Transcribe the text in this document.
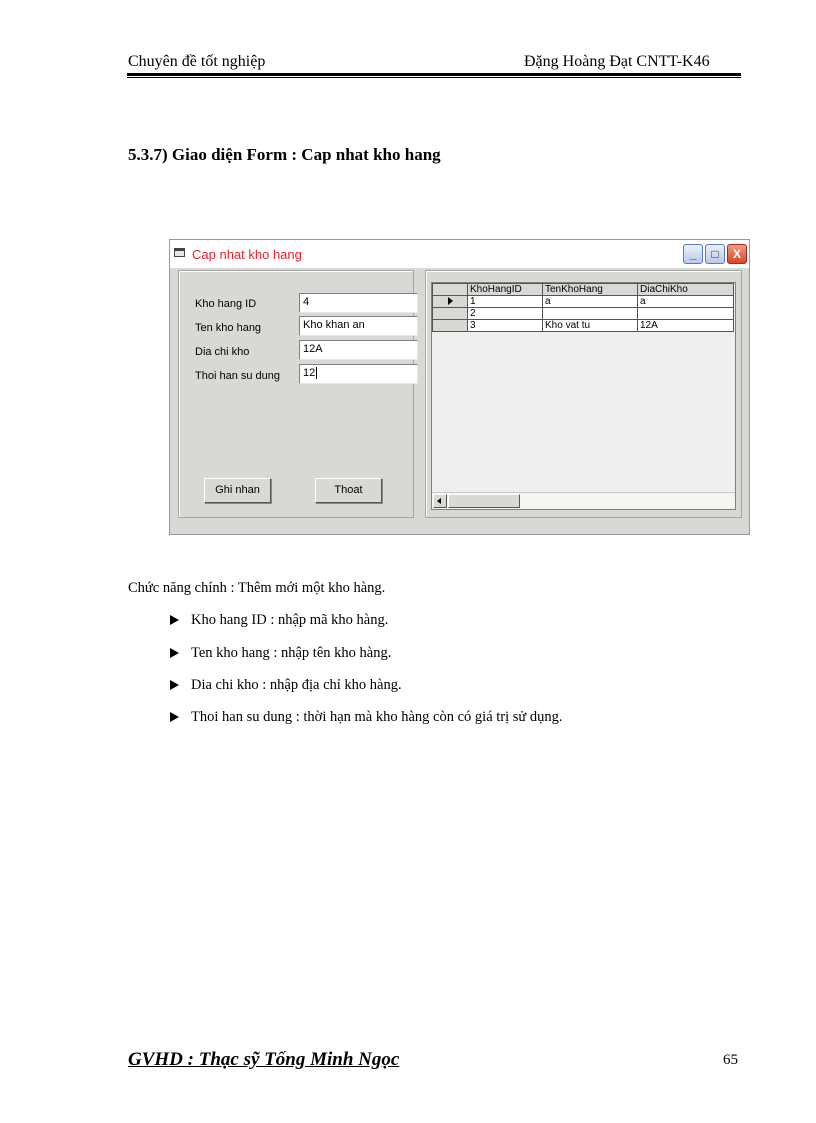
Chuyên đề tốt nghiệp	Đặng Hoàng Đạt CNTT-K46
5.3.7) Giao diện Form : Cap nhat kho hang
Cap nhat kho hang	_	□	X
Kho hang ID	4
Ten kho hang	Kho khan an
Dia chi kho	12A
Thoi han su dung	12
Ghi nhan	Thoat
	KhoHangID	TenKhoHang	DiaChiKho
	1	a	a
	2		
	3	Kho vat tu	12A
Chức năng chính : Thêm mới một kho hàng.
Kho hang ID : nhập mã kho hàng.
Ten kho hang : nhập tên kho hàng.
Dia chi kho : nhập địa chỉ kho hàng.
Thoi han su dung : thời hạn mà kho hàng còn có giá trị sử dụng.
GVHD : Thạc sỹ Tống Minh Ngọc	65
